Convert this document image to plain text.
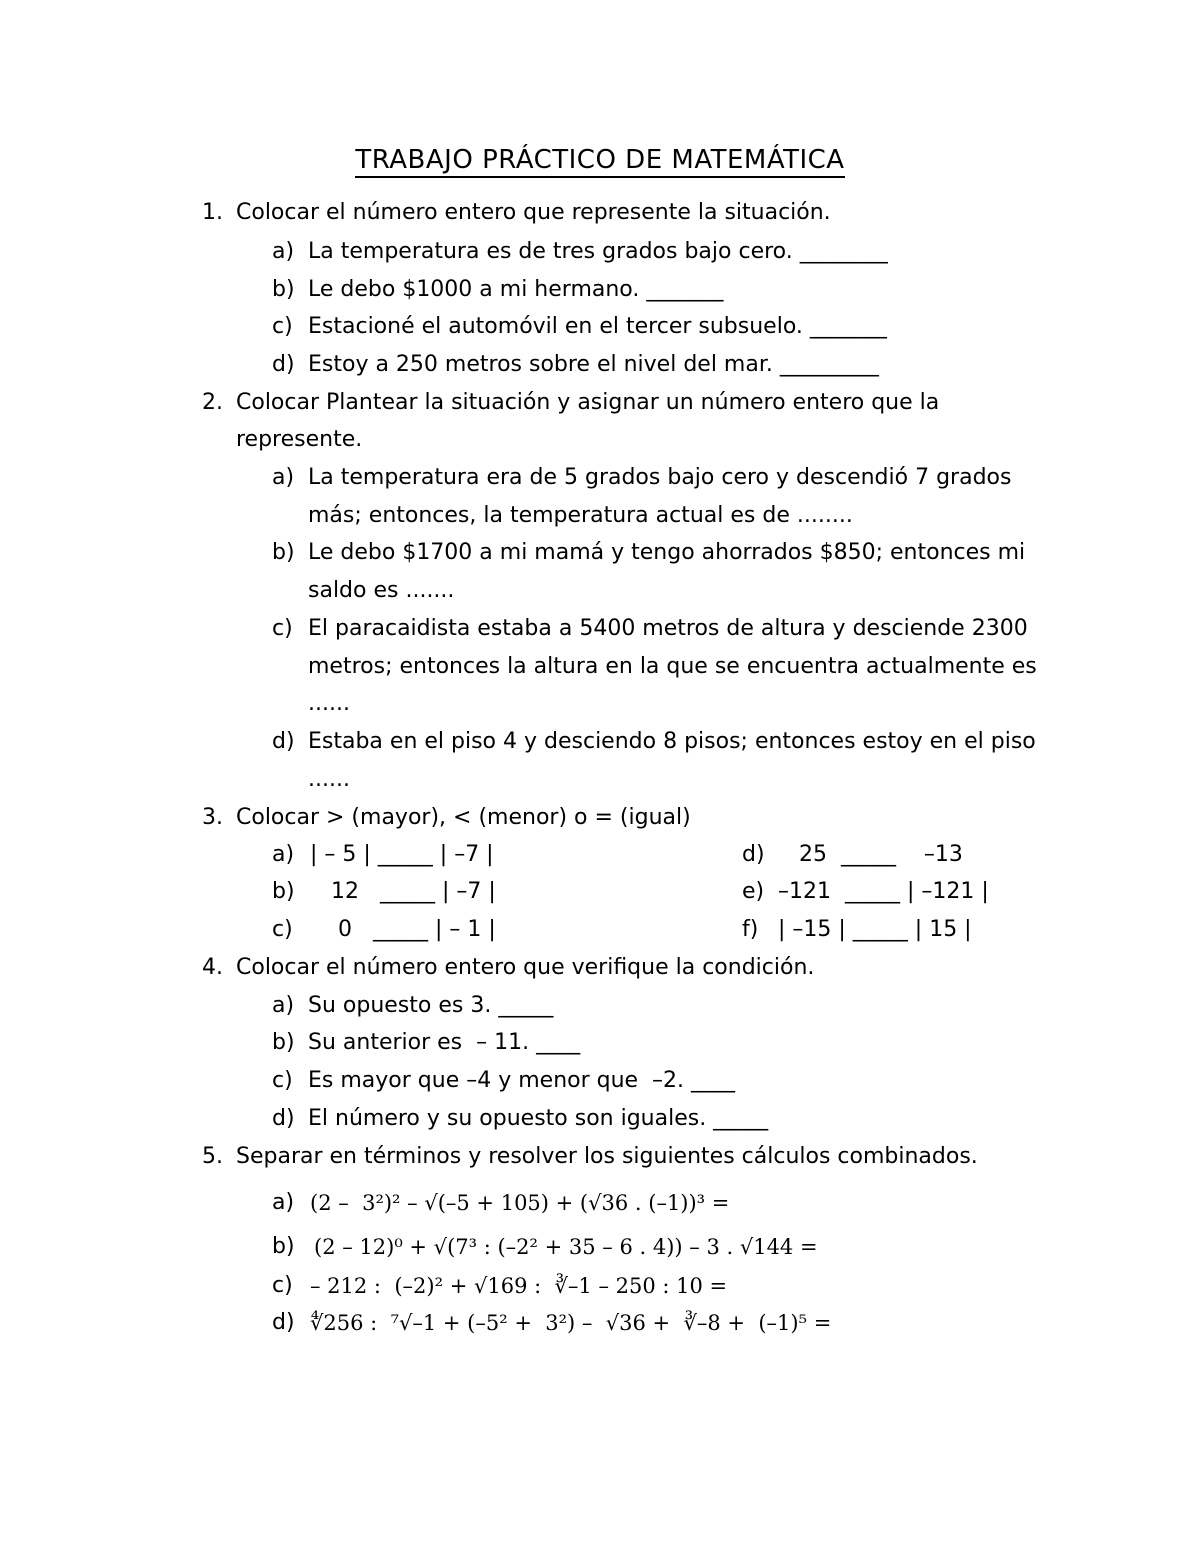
TRABAJO PRÁCTICO DE MATEMÁTICA
1. Colocar el número entero que represente la situación.
a) La temperatura es de tres grados bajo cero. ________
b) Le debo $1000 a mi hermano. _______
c) Estacioné el automóvil en el tercer subsuelo. _______
d) Estoy a 250 metros sobre el nivel del mar. _________
2. Colocar Plantear la situación y asignar un número entero que la
represente.
a) La temperatura era de 5 grados bajo cero y descendió 7 grados
más; entonces, la temperatura actual es de ........
b) Le debo $1700 a mi mamá y tengo ahorrados $850; entonces mi
saldo es .......
c) El paracaidista estaba a 5400 metros de altura y desciende 2300
metros; entonces la altura en la que se encuentra actualmente es
......
d) Estaba en el piso 4 y desciendo 8 pisos; entonces estoy en el piso
......
3. Colocar > (mayor), < (menor) o = (igual)
a) | – 5 | _____ | –7 |
b) 12   _____ | –7 |
c) 0   _____ | – 1 |
d) 25  _____    –13
e) –121  _____ | –121 |
f) | –15 | _____ | 15 |
4. Colocar el número entero que verifique la condición.
a) Su opuesto es 3. _____
b) Su anterior es  – 11. ____
c) Es mayor que –4 y menor que  –2. ____
d) El número y su opuesto son iguales. _____
5. Separar en términos y resolver los siguientes cálculos combinados.
a) (2 –  3²)² – √(–5 + 105) + (√36 . (–1))³ =
b) (2 – 12)⁰ + √(7³ : (–2² + 35 – 6 . 4)) – 3 . √144 =
c) – 212 :  (–2)² + √169 :  ∛–1 – 250 : 10 =
d) ∜256 :  ⁷√–1 + (–5² +  3²) –  √36 +  ∛–8 +  (–1)⁵ =
